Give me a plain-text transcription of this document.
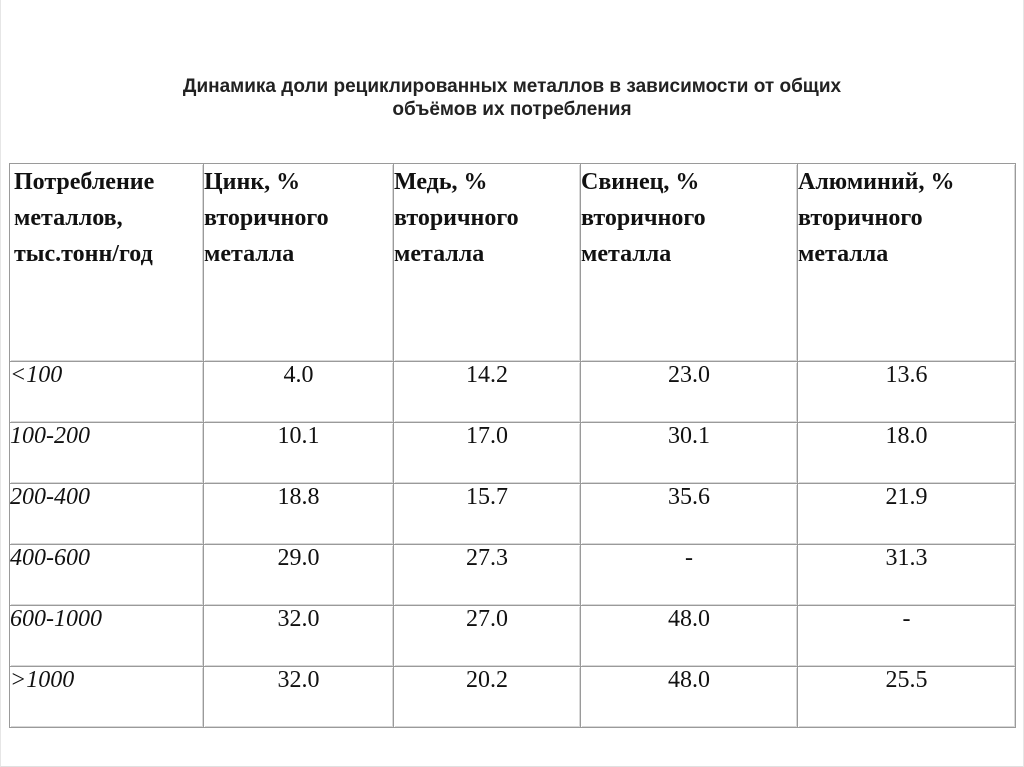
Динамика доли рециклированных металлов в зависимости от общих
объёмов их потребления
Потребление металлов, тыс.тонн/год	Цинк, % вторичного металла	Медь, % вторичного металла	Свинец, % вторичного металла	Алюминий, % вторичного металла
<100	4.0	14.2	23.0	13.6
100-200	10.1	17.0	30.1	18.0
200-400	18.8	15.7	35.6	21.9
400-600	29.0	27.3	-	31.3
600-1000	32.0	27.0	48.0	-
>1000	32.0	20.2	48.0	25.5
